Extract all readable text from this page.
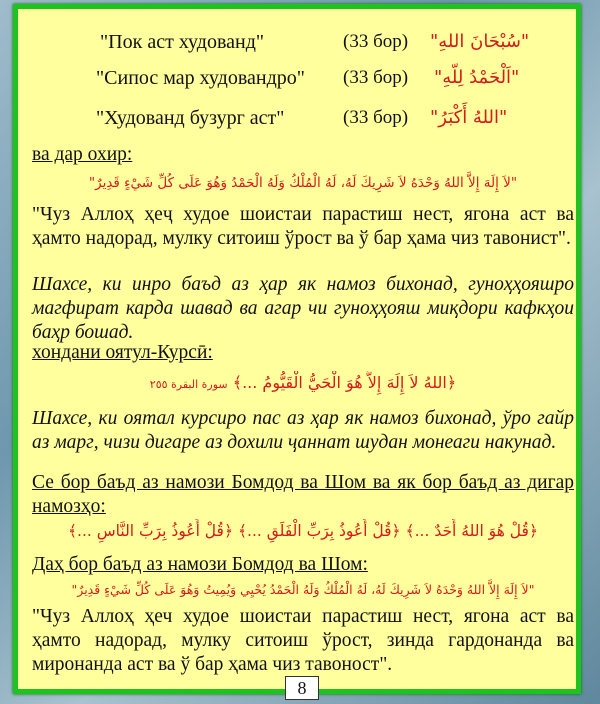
"Пок аст худованд"	(33 бор) "سُبْحَانَ اللهِ"
"Сипос мар худовандро" (33 бор) "اَلْحَمْدُ لِلّهِ"
"Худованд бузург аст"	(33 бор) "اللهُ أَكْبَرُ"

ва дар охир:

"لاَ إِلَهَ إِلاَّ اللهُ وَحْدَهُ لاَ شَرِيكَ لَهُ، لَهُ الْمُلْكُ وَلَهُ الْحَمْدُ وَهُوَ عَلَى كُلِّ شَيْءٍ قَدِيرٌ"

"Чуз Аллоҳ ҳеҷ худое шоистаи парастиш нест, ягона аст ва ҳамто надорад, мулку ситоиш ўрост ва ў бар ҳама чиз тавонист".

Шахсе, ки инро баъд аз ҳар як намоз бихонад, гуноҳҳояшро магфират карда шавад ва агар чи гуноҳҳояш миқдори кафкҳои баҳр бошад.

хондани оятул-Курсӣ:

﴿اللهُ لاَ إِلَهَ إِلاَّ هُوَ الْحَيُّ الْقَيُّومُ ...﴾ سورة البقرة ٢٥٥

Шахсе, ки оятал курсиро пас аз ҳар як намоз бихонад, ўро гайр аз марг, чизи дигаре аз дохили ҷаннат шудан монеаги накунад.

Се бор баъд аз намози Бомдод ва Шом ва як бор баъд аз дигар намозҳо:

﴿قُلْ هُوَ اللهُ أَحَدٌ ...﴾ ﴿قُلْ أَعُوذُ بِرَبِّ الْفَلَقِ ...﴾ ﴿قُلْ أَعُوذُ بِرَبِّ النَّاسِ ...﴾

Даҳ бор баъд аз намози Бомдод ва Шом:

"لاَ إِلَهَ إِلاَّ اللهُ وَحْدَهُ لاَ شَرِيكَ لَهُ، لَهُ الْمُلْكُ وَلَهُ الْحَمْدُ يُحْيِي وَيُمِيتُ وَهُوَ عَلَى كُلِّ شَيْءٍ قَدِيرٌ"

"Чуз Аллоҳ ҳеч худое шоистаи парастиш нест, ягона аст ва ҳамто надорад, мулку ситоиш ўрост, зинда гардонанда ва миронанда аст ва ў бар ҳама чиз тавоност".

8
